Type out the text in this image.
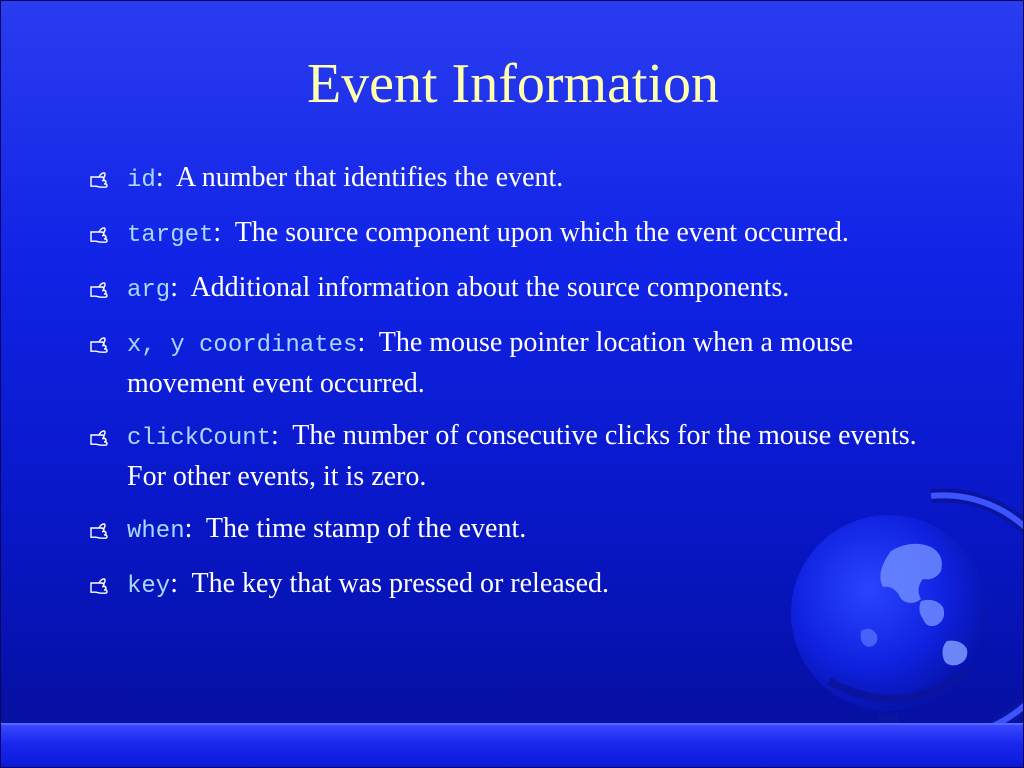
Event Information
id:  A number that identifies the event.
target:  The source component upon which the event occurred.
arg:  Additional information about the source components.
x, y coordinates:  The mouse pointer location when a mouse movement event occurred.
clickCount:  The number of consecutive clicks for the mouse events. For other events, it is zero.
when:  The time stamp of the event.
key:  The key that was pressed or released.
